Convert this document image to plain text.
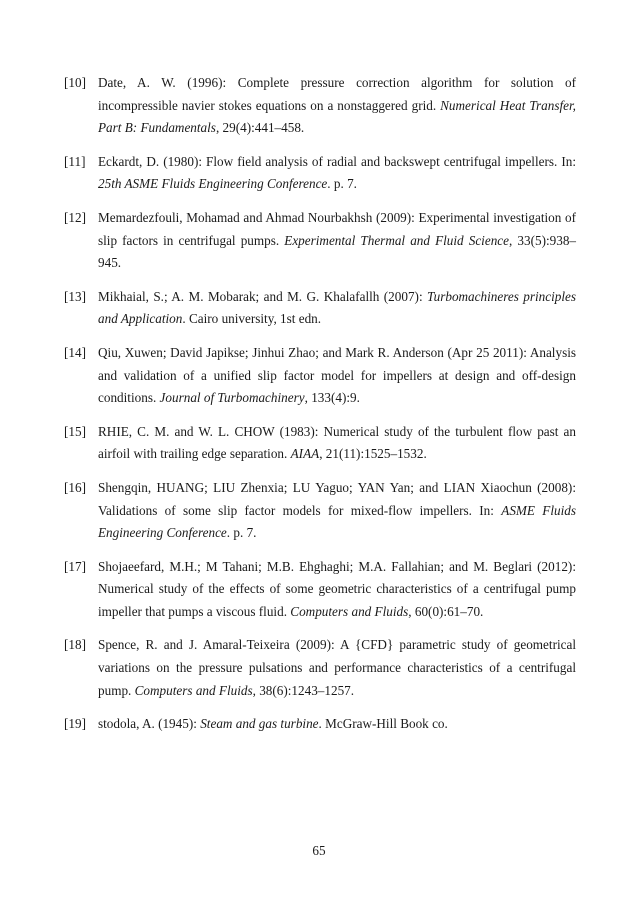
[10] Date, A. W. (1996): Complete pressure correction algorithm for solution of incompressible navier stokes equations on a nonstaggered grid. Numerical Heat Transfer, Part B: Fundamentals, 29(4):441–458.
[11] Eckardt, D. (1980): Flow field analysis of radial and backswept centrifugal impellers. In: 25th ASME Fluids Engineering Conference. p. 7.
[12] Memardezfouli, Mohamad and Ahmad Nourbakhsh (2009): Experimental investigation of slip factors in centrifugal pumps. Experimental Thermal and Fluid Science, 33(5):938–945.
[13] Mikhaial, S.; A. M. Mobarak; and M. G. Khalafallh (2007): Turbomachineres principles and Application. Cairo university, 1st edn.
[14] Qiu, Xuwen; David Japikse; Jinhui Zhao; and Mark R. Anderson (Apr 25 2011): Analysis and validation of a unified slip factor model for impellers at design and off-design conditions. Journal of Turbomachinery, 133(4):9.
[15] RHIE, C. M. and W. L. CHOW (1983): Numerical study of the turbulent flow past an airfoil with trailing edge separation. AIAA, 21(11):1525–1532.
[16] Shengqin, HUANG; LIU Zhenxia; LU Yaguo; YAN Yan; and LIAN Xiaochun (2008): Validations of some slip factor models for mixed-flow impellers. In: ASME Fluids Engineering Conference. p. 7.
[17] Shojaeefard, M.H.; M Tahani; M.B. Ehghaghi; M.A. Fallahian; and M. Beglari (2012): Numerical study of the effects of some geometric characteristics of a centrifugal pump impeller that pumps a viscous fluid. Computers and Fluids, 60(0):61–70.
[18] Spence, R. and J. Amaral-Teixeira (2009): A {CFD} parametric study of geometrical variations on the pressure pulsations and performance characteristics of a centrifugal pump. Computers and Fluids, 38(6):1243–1257.
[19] stodola, A. (1945): Steam and gas turbine. McGraw-Hill Book co.
65
